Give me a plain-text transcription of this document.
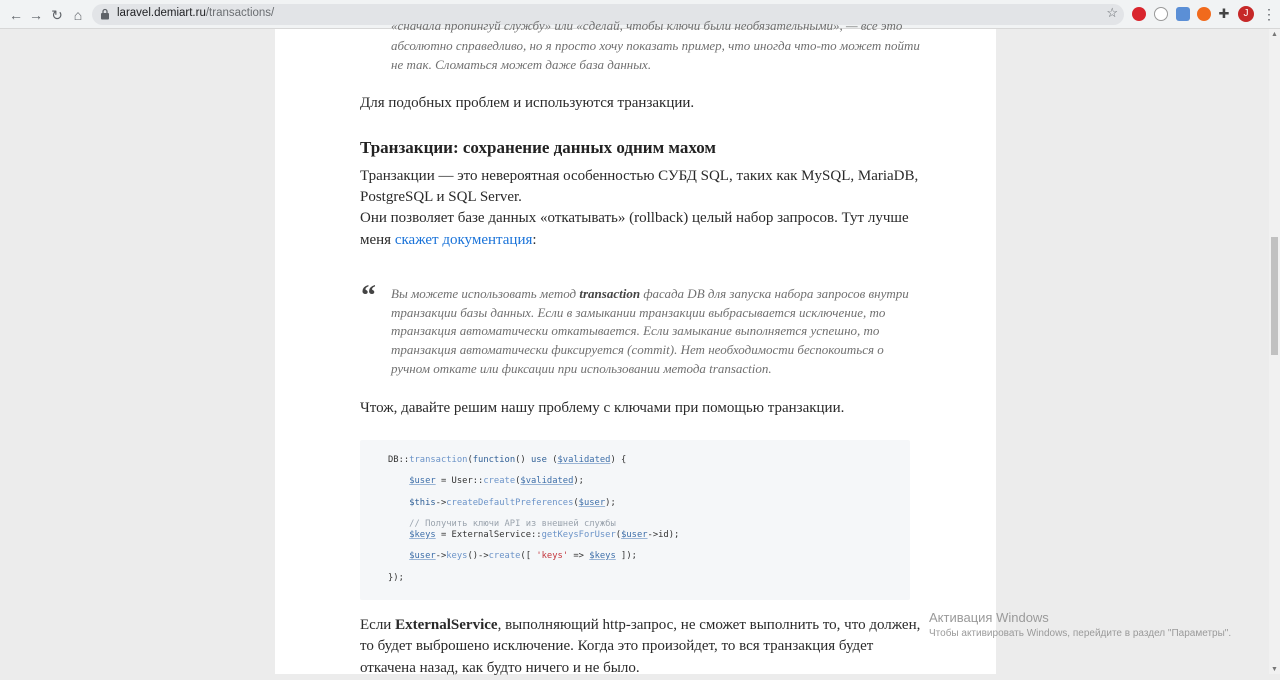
← → ↻ ⌂	laravel.demiart.ru/transactions/	☆	✚	J ⋮
«сначала пропингуй службу» или «сделай, чтобы ключи были необязательными», — все это
абсолютно справедливо, но я просто хочу показать пример, что иногда что-то может пойти
не так. Сломаться может даже база данных.
Для подобных проблем и используются транзакции.
Транзакции: сохранение данных одним махом
Транзакции — это невероятная особенностью СУБД SQL, таких как MySQL, MariaDB,
PostgreSQL и SQL Server.
Они позволяет базе данных «откатывать» (rollback) целый набор запросов. Тут лучше
меня скажет документация:
“ Вы можете использовать метод transaction фасада DB для запуска набора запросов внутри
транзакции базы данных. Если в замыкании транзакции выбрасывается исключение, то
транзакция автоматически откатывается. Если замыкание выполняется успешно, то
транзакция автоматически фиксируется (commit). Нет необходимости беспокоиться о
ручном откате или фиксации при использовании метода transaction.
Чтож, давайте решим нашу проблему с ключами при помощью транзакции.
DB::transaction(function() use ($validated) {
$user = User::create($validated);
$this->createDefaultPreferences($user);
// Получить ключи API из внешней службы
$keys = ExternalService::getKeysForUser($user->id);
$user->keys()->create([ 'keys' => $keys ]);
});
Если ExternalService, выполняющий http-запрос, не сможет выполнить то, что должен,
то будет выброшено исключение. Когда это произойдет, то вся транзакция будет
откачена назад, как будто ничего и не было.
▲
▼
Активация Windows
Чтобы активировать Windows, перейдите в раздел "Параметры".
